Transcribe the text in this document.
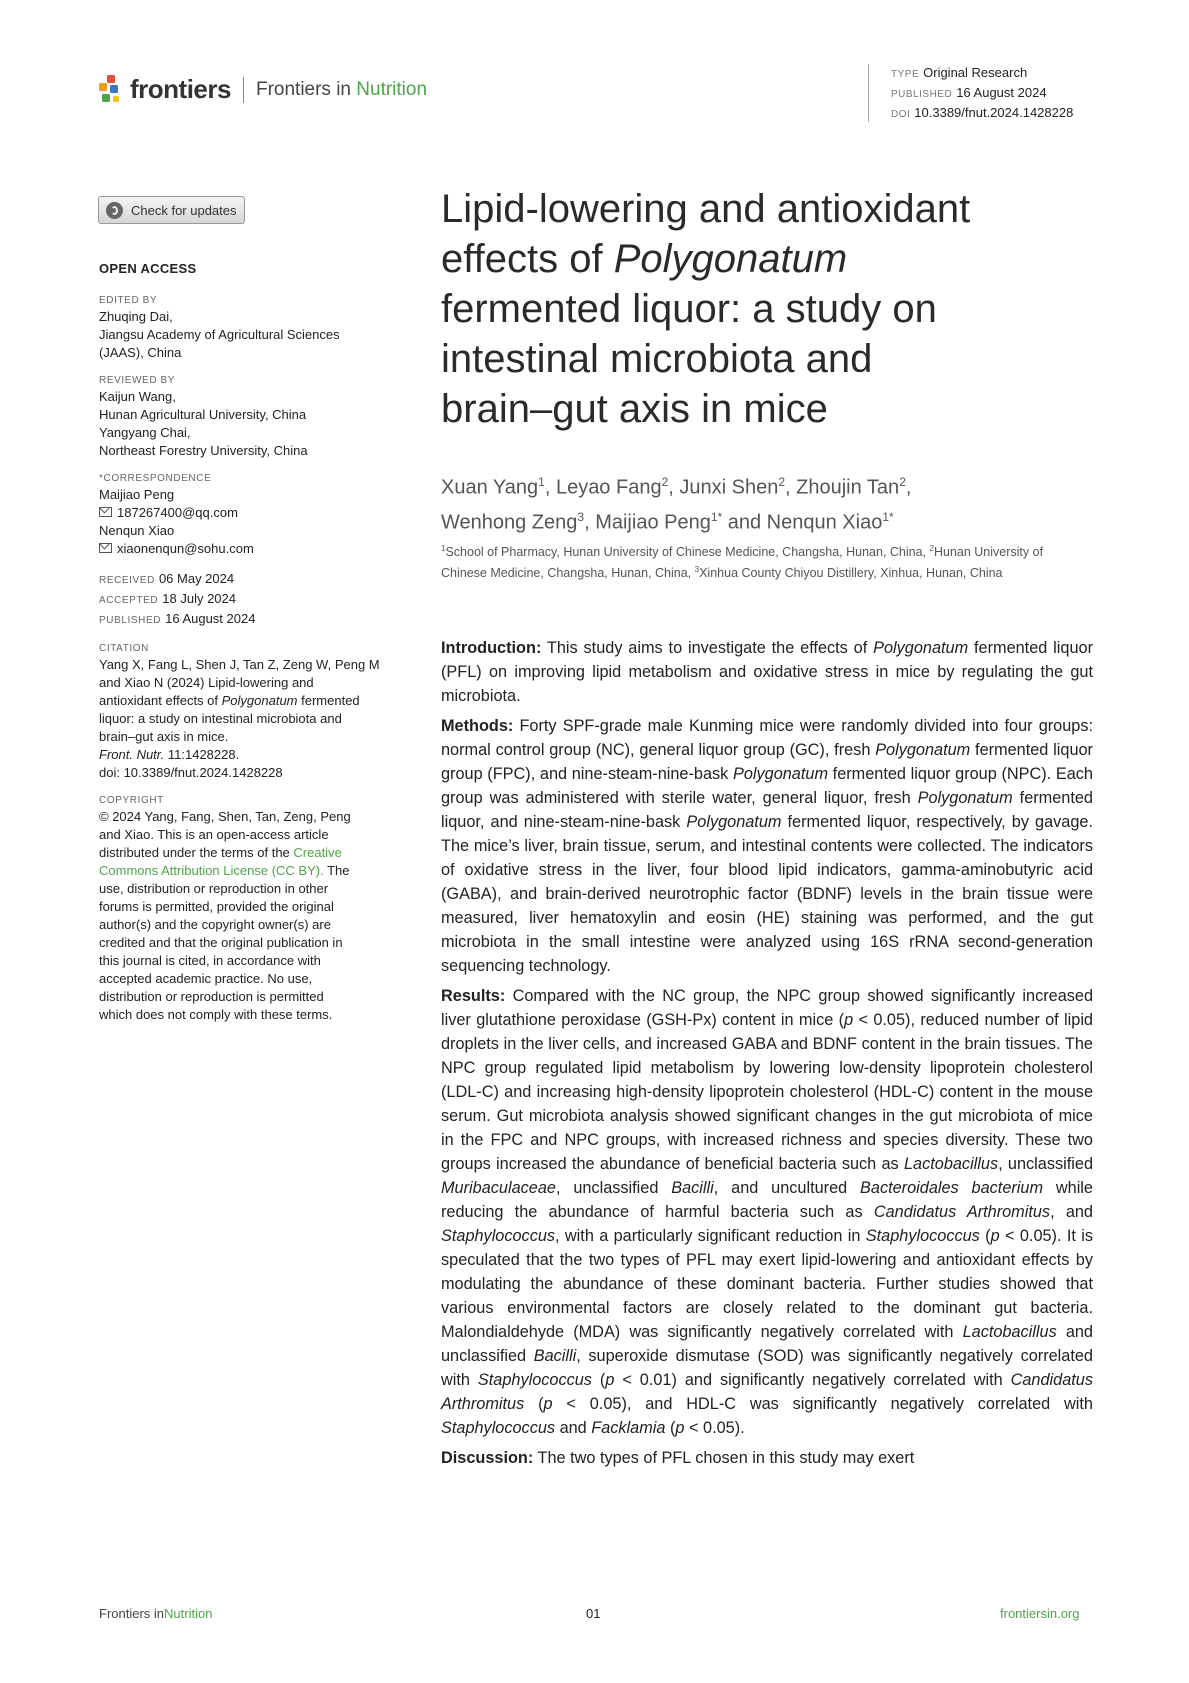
frontiers Frontiers in Nutrition
TYPE Original Research
PUBLISHED 16 August 2024
DOI 10.3389/fnut.2024.1428228
Check for updates
OPEN ACCESS
EDITED BY
Zhuqing Dai,
Jiangsu Academy of Agricultural Sciences
(JAAS), China
REVIEWED BY
Kaijun Wang,
Hunan Agricultural University, China
Yangyang Chai,
Northeast Forestry University, China
*CORRESPONDENCE
Maijiao Peng
187267400@qq.com
Nenqun Xiao
xiaonenqun@sohu.com
RECEIVED 06 May 2024
ACCEPTED 18 July 2024
PUBLISHED 16 August 2024
CITATION
Yang X, Fang L, Shen J, Tan Z, Zeng W, Peng M
and Xiao N (2024) Lipid-lowering and
antioxidant effects of Polygonatum fermented
liquor: a study on intestinal microbiota and
brain–gut axis in mice.
Front. Nutr. 11:1428228.
doi: 10.3389/fnut.2024.1428228
COPYRIGHT
© 2024 Yang, Fang, Shen, Tan, Zeng, Peng
and Xiao. This is an open-access article
distributed under the terms of the Creative
Commons Attribution License (CC BY). The
use, distribution or reproduction in other
forums is permitted, provided the original
author(s) and the copyright owner(s) are
credited and that the original publication in
this journal is cited, in accordance with
accepted academic practice. No use,
distribution or reproduction is permitted
which does not comply with these terms.
Lipid-lowering and antioxidant
effects of Polygonatum
fermented liquor: a study on
intestinal microbiota and
brain–gut axis in mice
Xuan Yang$^1$, Leyao Fang$^2$, Junxi Shen$^2$, Zhoujin Tan$^2$,
Wenhong Zeng$^3$, Maijiao Peng$^{1*}$ and Nenqun Xiao$^{1*}$
$^1$School of Pharmacy, Hunan University of Chinese Medicine, Changsha, Hunan, China, $^2$Hunan University of Chinese Medicine, Changsha, Hunan, China, $^3$Xinhua County Chiyou Distillery, Xinhua, Hunan, China

Introduction: This study aims to investigate the effects of Polygonatum fermented liquor (PFL) on improving lipid metabolism and oxidative stress in mice by regulating the gut microbiota.

Methods: Forty SPF-grade male Kunming mice were randomly divided into four groups: normal control group (NC), general liquor group (GC), fresh Polygonatum fermented liquor group (FPC), and nine-steam-nine-bask Polygonatum fermented liquor group (NPC). Each group was administered with sterile water, general liquor, fresh Polygonatum fermented liquor, and nine-steam-nine-bask Polygonatum fermented liquor, respectively, by gavage. The mice’s liver, brain tissue, serum, and intestinal contents were collected. The indicators of oxidative stress in the liver, four blood lipid indicators, gamma-aminobutyric acid (GABA), and brain-derived neurotrophic factor (BDNF) levels in the brain tissue were measured, liver hematoxylin and eosin (HE) staining was performed, and the gut microbiota in the small intestine were analyzed using 16S rRNA second-generation sequencing technology.

Results: Compared with the NC group, the NPC group showed significantly increased liver glutathione peroxidase (GSH-Px) content in mice (p < 0.05), reduced number of lipid droplets in the liver cells, and increased GABA and BDNF content in the brain tissues. The NPC group regulated lipid metabolism by lowering low-density lipoprotein cholesterol (LDL-C) and increasing high-density lipoprotein cholesterol (HDL-C) content in the mouse serum. Gut microbiota analysis showed significant changes in the gut microbiota of mice in the FPC and NPC groups, with increased richness and species diversity. These two groups increased the abundance of beneficial bacteria such as Lactobacillus, unclassified Muribaculaceae, unclassified Bacilli, and uncultured Bacteroidales bacterium while reducing the abundance of harmful bacteria such as Candidatus Arthromitus, and Staphylococcus, with a particularly significant reduction in Staphylococcus (p < 0.05). It is speculated that the two types of PFL may exert lipid-lowering and antioxidant effects by modulating the abundance of these dominant bacteria. Further studies showed that various environmental factors are closely related to the dominant gut bacteria. Malondialdehyde (MDA) was significantly negatively correlated with Lactobacillus and unclassified Bacilli, superoxide dismutase (SOD) was significantly negatively correlated with Staphylococcus (p < 0.01) and significantly negatively correlated with Candidatus Arthromitus (p < 0.05), and HDL-C was significantly negatively correlated with Staphylococcus and Facklamia (p < 0.05).

Discussion: The two types of PFL chosen in this study may exert

Frontiers inNutrition	01	frontiersin.org
